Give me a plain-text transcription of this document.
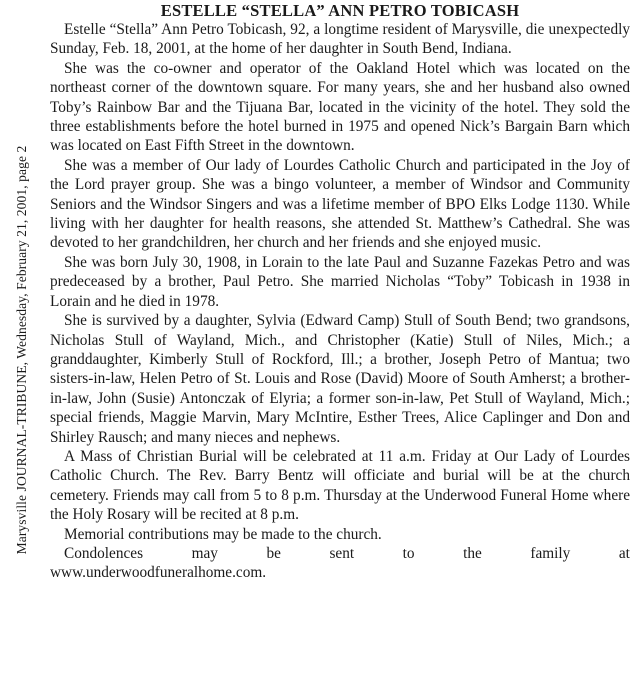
Marysville JOURNAL-TRIBUNE, Wednesday, February 21, 2001, page 2
ESTELLE “STELLA” ANN PETRO TOBICASH

Estelle “Stella” Ann Petro Tobicash, 92, a longtime resident of Marysville, die unexpectedly Sunday, Feb. 18, 2001, at the home of her daughter in South Bend, Indiana.

She was the co-owner and operator of the Oakland Hotel which was located on the northeast corner of the downtown square. For many years, she and her husband also owned Toby’s Rainbow Bar and the Tijuana Bar, located in the vicinity of the hotel. They sold the three establishments before the hotel burned in 1975 and opened Nick’s Bargain Barn which was located on East Fifth Street in the downtown.

She was a member of Our lady of Lourdes Catholic Church and participated in the Joy of the Lord prayer group. She was a bingo volunteer, a member of Windsor and Community Seniors and the Windsor Singers and was a lifetime member of BPO Elks Lodge 1130. While living with her daughter for health reasons, she attended St. Matthew’s Cathedral. She was devoted to her grandchildren, her church and her friends and she enjoyed music.

She was born July 30, 1908, in Lorain to the late Paul and Suzanne Fazekas Petro and was predeceased by a brother, Paul Petro. She married Nicholas “Toby” Tobicash in 1938 in Lorain and he died in 1978.

She is survived by a daughter, Sylvia (Edward Camp) Stull of South Bend; two grandsons, Nicholas Stull of Wayland, Mich., and Christopher (Katie) Stull of Niles, Mich.; a granddaughter, Kimberly Stull of Rockford, Ill.; a brother, Joseph Petro of Mantua; two sisters-in-law, Helen Petro of St. Louis and Rose (David) Moore of South Amherst; a brother-in-law, John (Susie) Antonczak of Elyria; a former son-in-law, Pet Stull of Wayland, Mich.; special friends, Maggie Marvin, Mary McIntire, Esther Trees, Alice Caplinger and Don and Shirley Rausch; and many nieces and nephews.

A Mass of Christian Burial will be celebrated at 11 a.m. Friday at Our Lady of Lourdes Catholic Church. The Rev. Barry Bentz will officiate and burial will be at the church cemetery. Friends may call from 5 to 8 p.m. Thursday at the Underwood Funeral Home where the Holy Rosary will be recited at 8 p.m.

Memorial contributions may be made to the church.

Condolences	may	be	sent	to	the	family	at
www.underwoodfuneralhome.com.
